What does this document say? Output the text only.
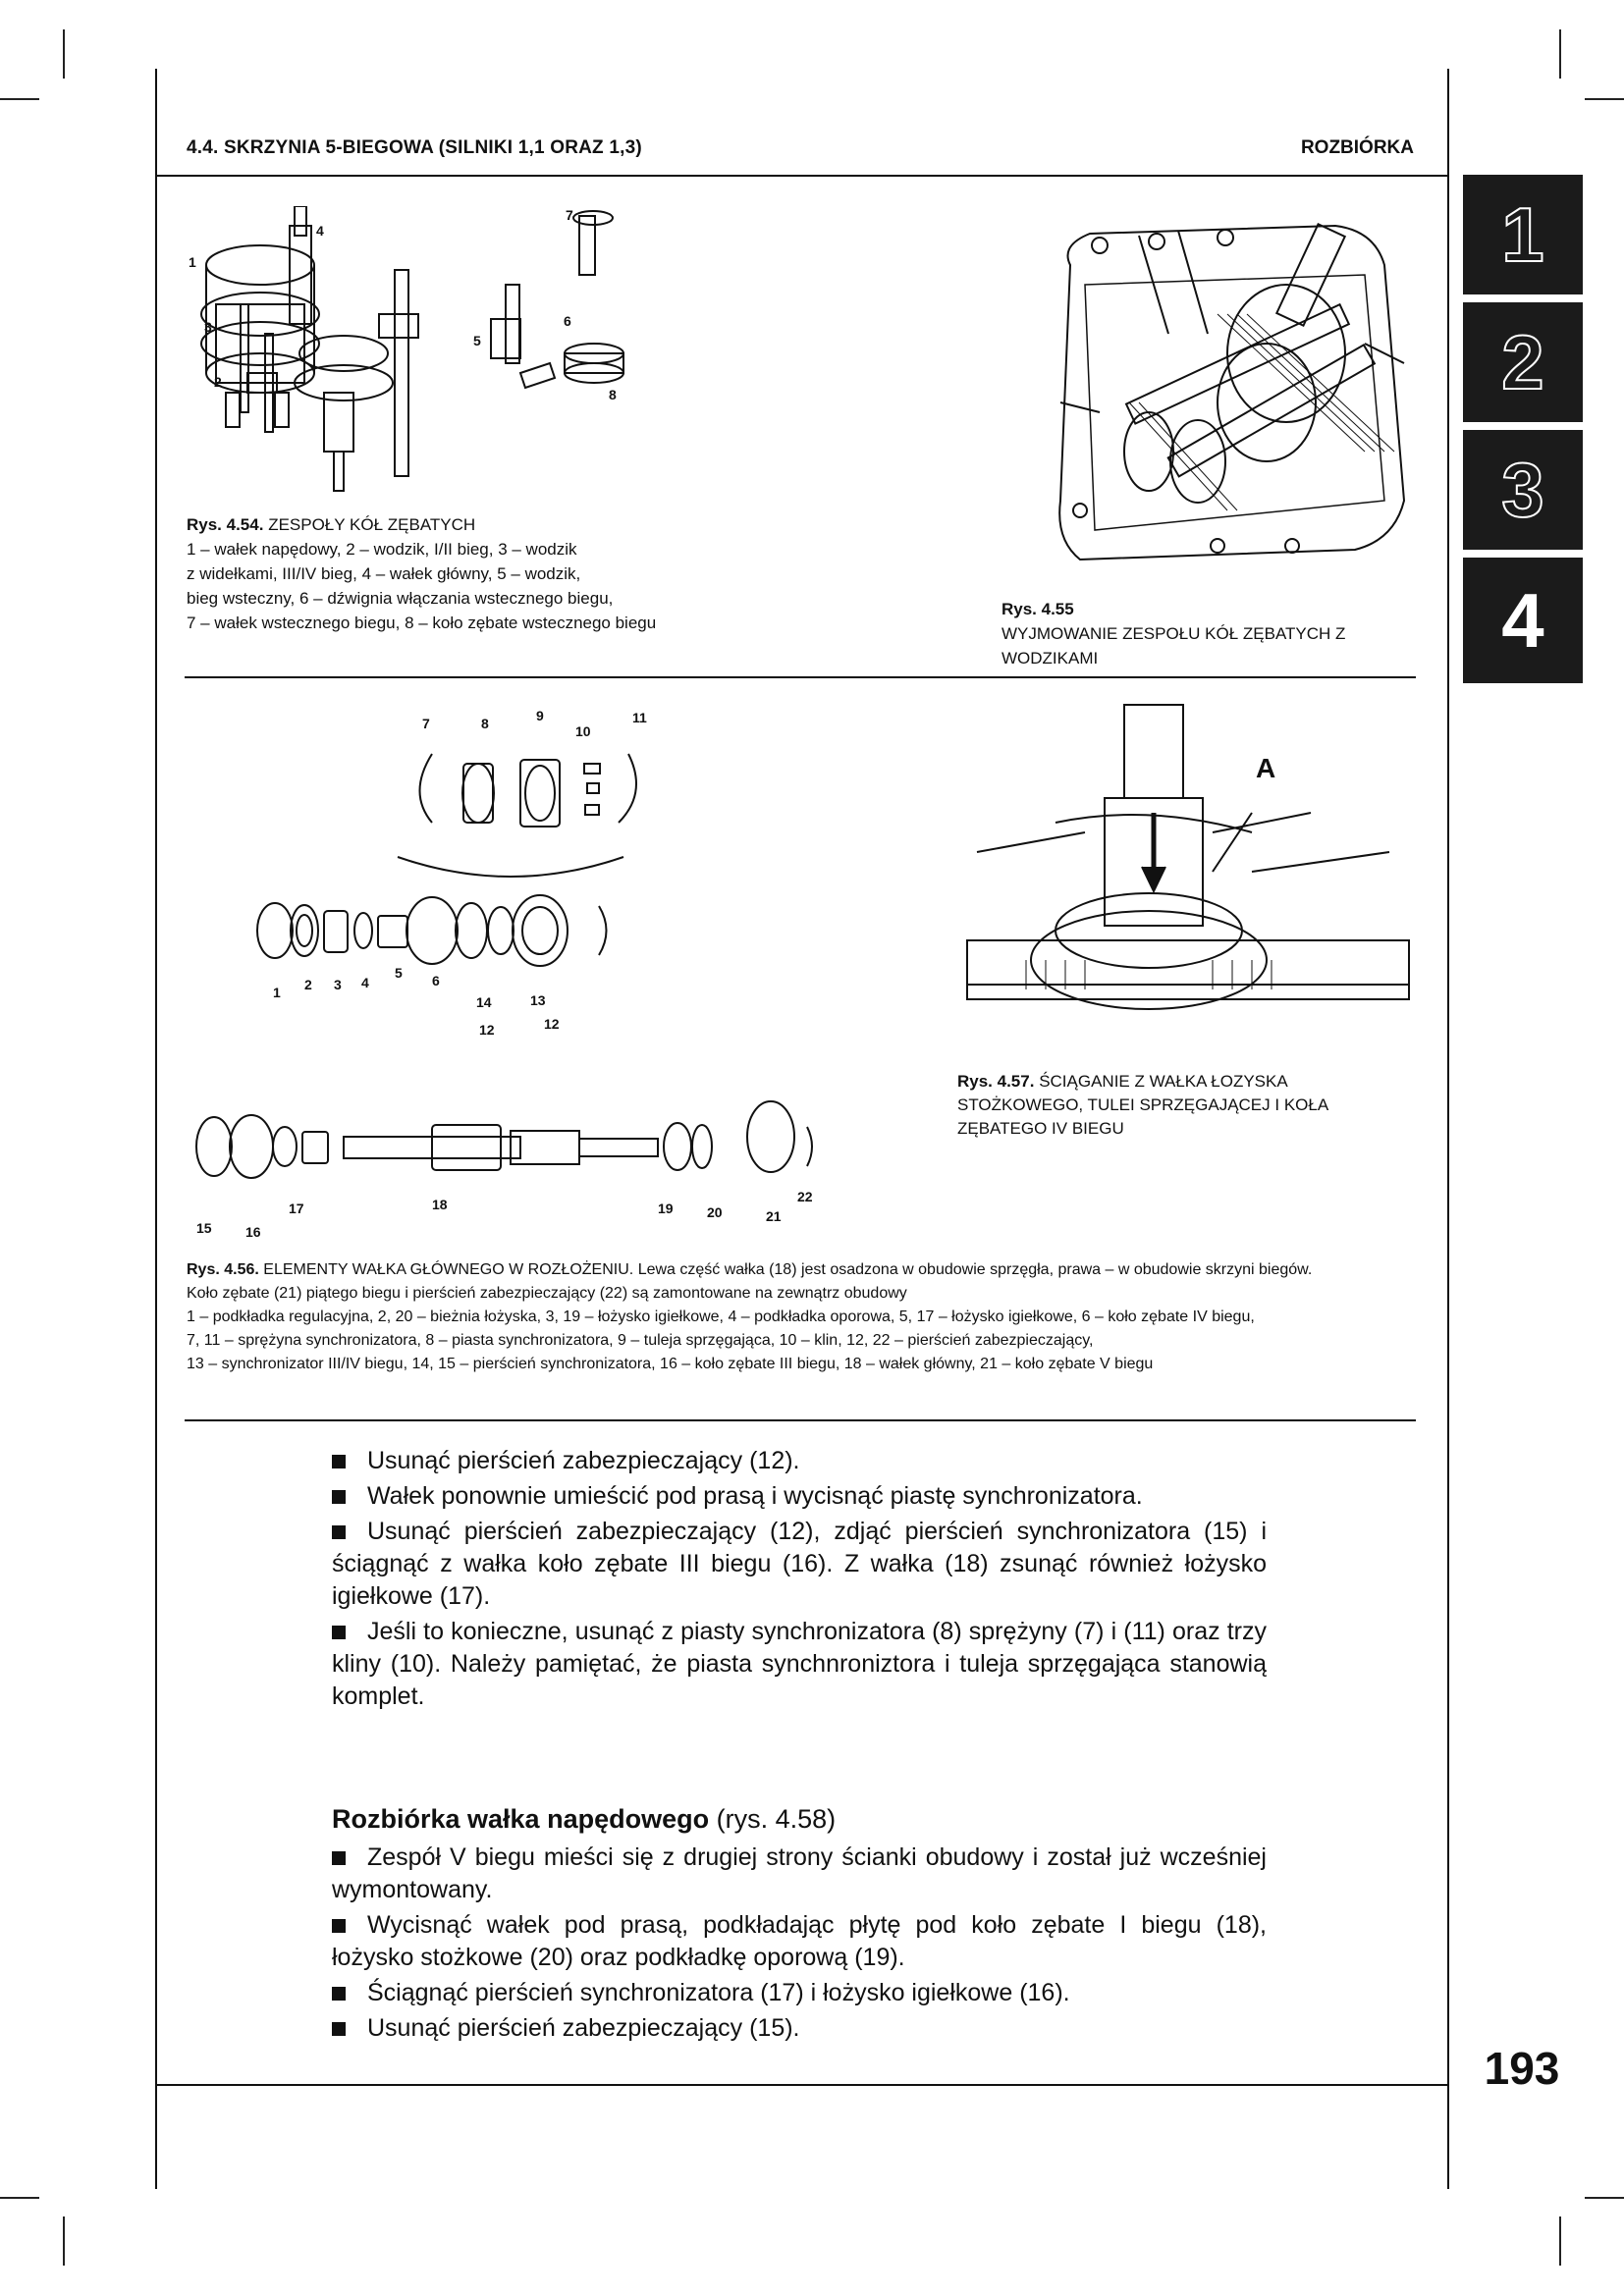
4.4. SKRZYNIA 5-BIEGOWA (SILNIKI 1,1 ORAZ 1,3)	ROZBIÓRKA
1
2
3
4
1
2
3
4
5
6
7
8
Rys. 4.54. ZESPOŁY KÓŁ ZĘBATYCH
1 – wałek napędowy, 2 – wodzik, I/II bieg, 3 – wodzik
z widełkami, III/IV bieg, 4 – wałek główny, 5 – wodzik,
bieg wsteczny, 6 – dźwignia włączania wstecznego biegu,
7 – wałek wstecznego biegu, 8 – koło zębate wstecznego biegu
Rys. 4.55
WYJMOWANIE ZESPOŁU KÓŁ ZĘBATYCH Z WODZIKAMI
7	8	9
10
11
1 2 3 4
5 6
14	13
12	12
15 16
17	18	19 20	21
22
A
Rys. 4.57. ŚCIĄGANIE Z WAŁKA ŁOZYSKA
STOŻKOWEGO, TULEI SPRZĘGAJĄCEJ I KOŁA
ZĘBATEGO IV BIEGU
Rys. 4.56. ELEMENTY WAŁKA GŁÓWNEGO W ROZŁOŻENIU. Lewa część wałka (18) jest osadzona w obudowie sprzęgła, prawa – w obudowie skrzyni biegów.
Koło zębate (21) piątego biegu i pierścień zabezpieczający (22) są zamontowane na zewnątrz obudowy
1 – podkładka regulacyjna, 2, 20 – bieżnia łożyska, 3, 19 – łożysko igiełkowe, 4 – podkładka oporowa, 5, 17 – łożysko igiełkowe, 6 – koło zębate IV biegu,
7, 11 – sprężyna synchronizatora, 8 – piasta synchronizatora, 9 – tuleja sprzęgająca, 10 – klin, 12, 22 – pierścień zabezpieczający,
13 – synchronizator III/IV biegu, 14, 15 – pierścień synchronizatora, 16 – koło zębate III biegu, 18 – wałek główny, 21 – koło zębate V biegu

Usunąć pierścień zabezpieczający (12).

Wałek ponownie umieścić pod prasą i wycisnąć piastę synchronizatora.

Usunąć pierścień zabezpieczający (12), zdjąć pierścień synchronizatora (15) i ściągnąć z wałka koło zębate III biegu (16). Z wałka (18) zsunąć również łożysko igiełkowe (17).

Jeśli to konieczne, usunąć z piasty synchronizatora (8) sprężyny (7) i (11) oraz trzy kliny (10). Należy pamiętać, że piasta synchnroniztora i tuleja sprzęgająca stanowią komplet.

Rozbiórka wałka napędowego (rys. 4.58)

Zespół V biegu mieści się z drugiej strony ścianki obudowy i został już wcześniej wymontowany.

Wycisnąć wałek pod prasą, podkładając płytę pod koło zębate I biegu (18), łożysko stożkowe (20) oraz podkładkę oporową (19).

Ściągnąć pierścień synchronizatora (17) i łożysko igiełkowe (16).

Usunąć pierścień zabezpieczający (15).

193
